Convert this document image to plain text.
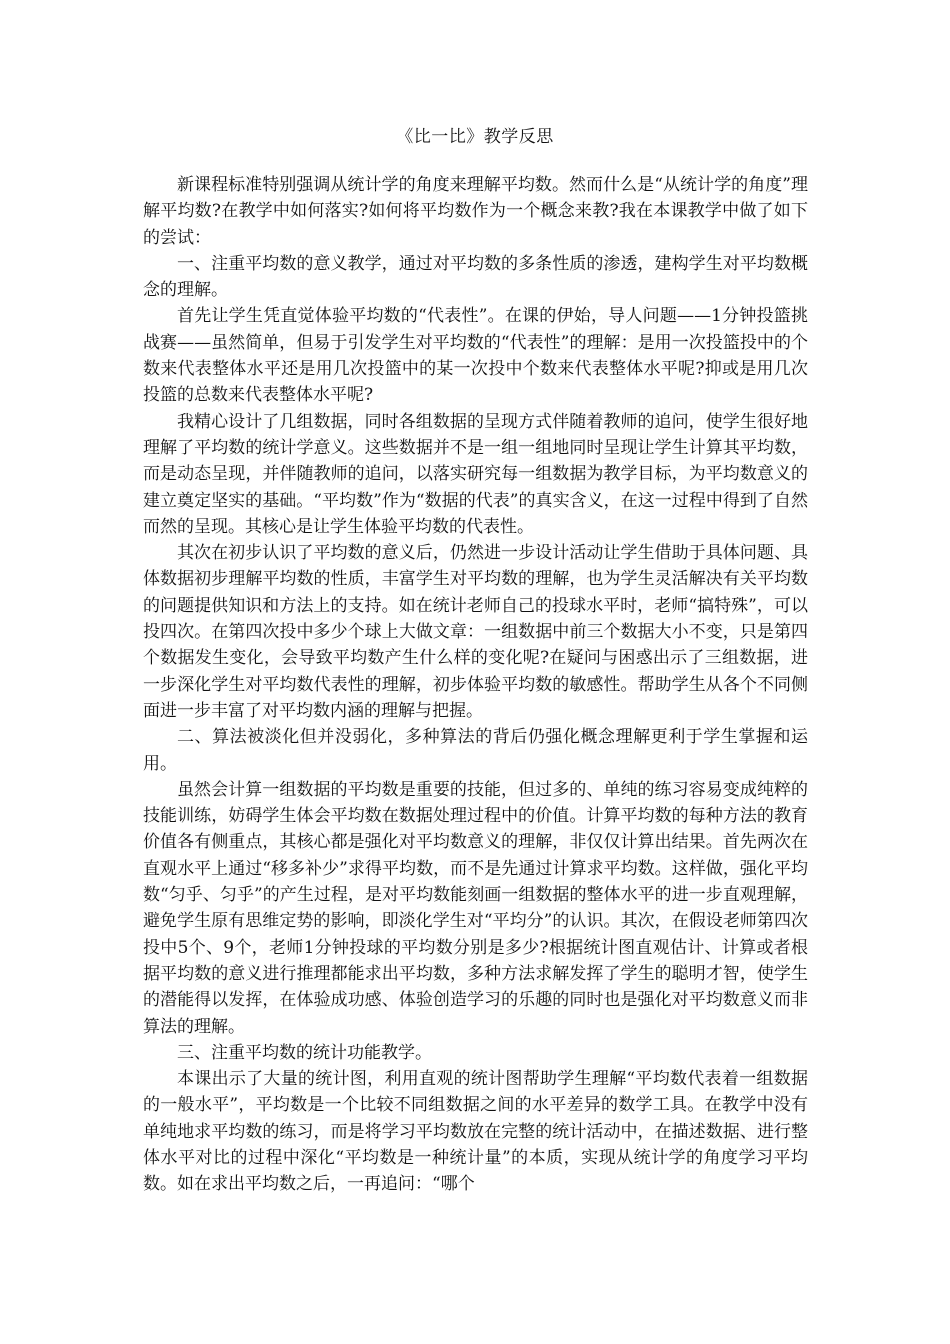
《比一比》教学反思

新课程标准特别强调从统计学的角度来理解平均数。然而什么是“从统计学的角度”理解平均数?在教学中如何落实?如何将平均数作为一个概念来教?我在本课教学中做了如下的尝试：

一、注重平均数的意义教学，通过对平均数的多条性质的渗透，建构学生对平均数概念的理解。

首先让学生凭直觉体验平均数的“代表性”。在课的伊始，导人问题——1分钟投篮挑战赛——虽然简单，但易于引发学生对平均数的“代表性”的理解：是用一次投篮投中的个数来代表整体水平还是用几次投篮中的某一次投中个数来代表整体水平呢?抑或是用几次投篮的总数来代表整体水平呢?

我精心设计了几组数据，同时各组数据的呈现方式伴随着教师的追问，使学生很好地理解了平均数的统计学意义。这些数据并不是一组一组地同时呈现让学生计算其平均数，而是动态呈现，并伴随教师的追问，以落实研究每一组数据为教学目标，为平均数意义的建立奠定坚实的基础。“平均数”作为“数据的代表”的真实含义，在这一过程中得到了自然而然的呈现。其核心是让学生体验平均数的代表性。

其次在初步认识了平均数的意义后，仍然进一步设计活动让学生借助于具体问题、具体数据初步理解平均数的性质，丰富学生对平均数的理解，也为学生灵活解决有关平均数的问题提供知识和方法上的支持。如在统计老师自己的投球水平时，老师“搞特殊”，可以投四次。在第四次投中多少个球上大做文章：一组数据中前三个数据大小不变，只是第四个数据发生变化，会导致平均数产生什么样的变化呢?在疑问与困惑出示了三组数据，进一步深化学生对平均数代表性的理解，初步体验平均数的敏感性。帮助学生从各个不同侧面进一步丰富了对平均数内涵的理解与把握。

二、算法被淡化但并没弱化，多种算法的背后仍强化概念理解更利于学生掌握和运用。

虽然会计算一组数据的平均数是重要的技能，但过多的、单纯的练习容易变成纯粹的技能训练，妨碍学生体会平均数在数据处理过程中的价值。计算平均数的每种方法的教育价值各有侧重点，其核心都是强化对平均数意义的理解，非仅仅计算出结果。首先两次在直观水平上通过“移多补少”求得平均数，而不是先通过计算求平均数。这样做，强化平均数“匀乎、匀乎”的产生过程，是对平均数能刻画一组数据的整体水平的进一步直观理解，避免学生原有思维定势的影响，即淡化学生对“平均分”的认识。其次，在假设老师第四次投中5个、9个，老师1分钟投球的平均数分别是多少?根据统计图直观估计、计算或者根据平均数的意义进行推理都能求出平均数，多种方法求解发挥了学生的聪明才智，使学生的潜能得以发挥，在体验成功感、体验创造学习的乐趣的同时也是强化对平均数意义而非算法的理解。

三、注重平均数的统计功能教学。

本课出示了大量的统计图，利用直观的统计图帮助学生理解“平均数代表着一组数据的一般水平”，平均数是一个比较不同组数据之间的水平差异的数学工具。在教学中没有单纯地求平均数的练习，而是将学习平均数放在完整的统计活动中，在描述数据、进行整体水平对比的过程中深化“平均数是一种统计量”的本质，实现从统计学的角度学习平均数。如在求出平均数之后，一再追问：“哪个
